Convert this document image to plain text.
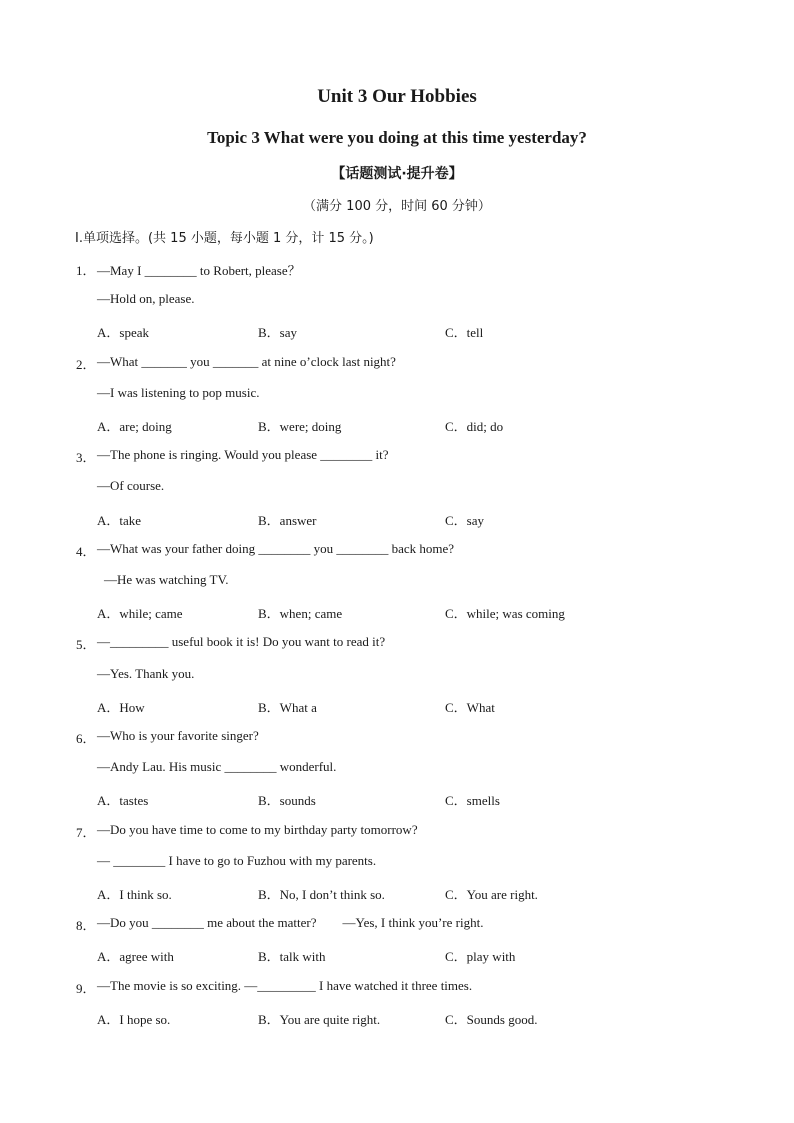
Unit 3 Our Hobbies
Topic 3 What were you doing at this time yesterday?
【话题测试·提升卷】
（满分 100 分，时间 60 分钟）
I.单项选择。(共 15 小题，每小题 1 分，计 15 分。)

1．

—May I ________ to Robert, please？

—Hold on, please.
A．speak	B．say	C．tell

2．

—What _______ you _______ at nine o’clock last night?

—I was listening to pop music.
A．are; doing	B．were; doing	C．did; do

3．

—The phone is ringing. Would you please ________ it?

—Of course.
A．take	B．answer	C．say

4．

—What was your father doing ________ you ________ back home?

—He was watching TV.
A．while; came	B．when; came	C．while; was coming

5．

—_________ useful book it is! Do you want to read it?

—Yes. Thank you.
A．How	B．What a	C．What

6．

—Who is your favorite singer?

—Andy Lau. His music ________ wonderful.
A．tastes	B．sounds	C．smells

7．

—Do you have time to come to my birthday party tomorrow?

— ________ I have to go to Fuzhou with my parents.
A．I think so.	B．No, I don’t think so.	C．You are right.

8．

—Do you ________ me about the matter?        —Yes, I think you’re right.

A．agree with	B．talk with	C．play with

9．

—The movie is so exciting. —_________ I have watched it three times.

A．I hope so.	B．You are quite right.	C．Sounds good.
